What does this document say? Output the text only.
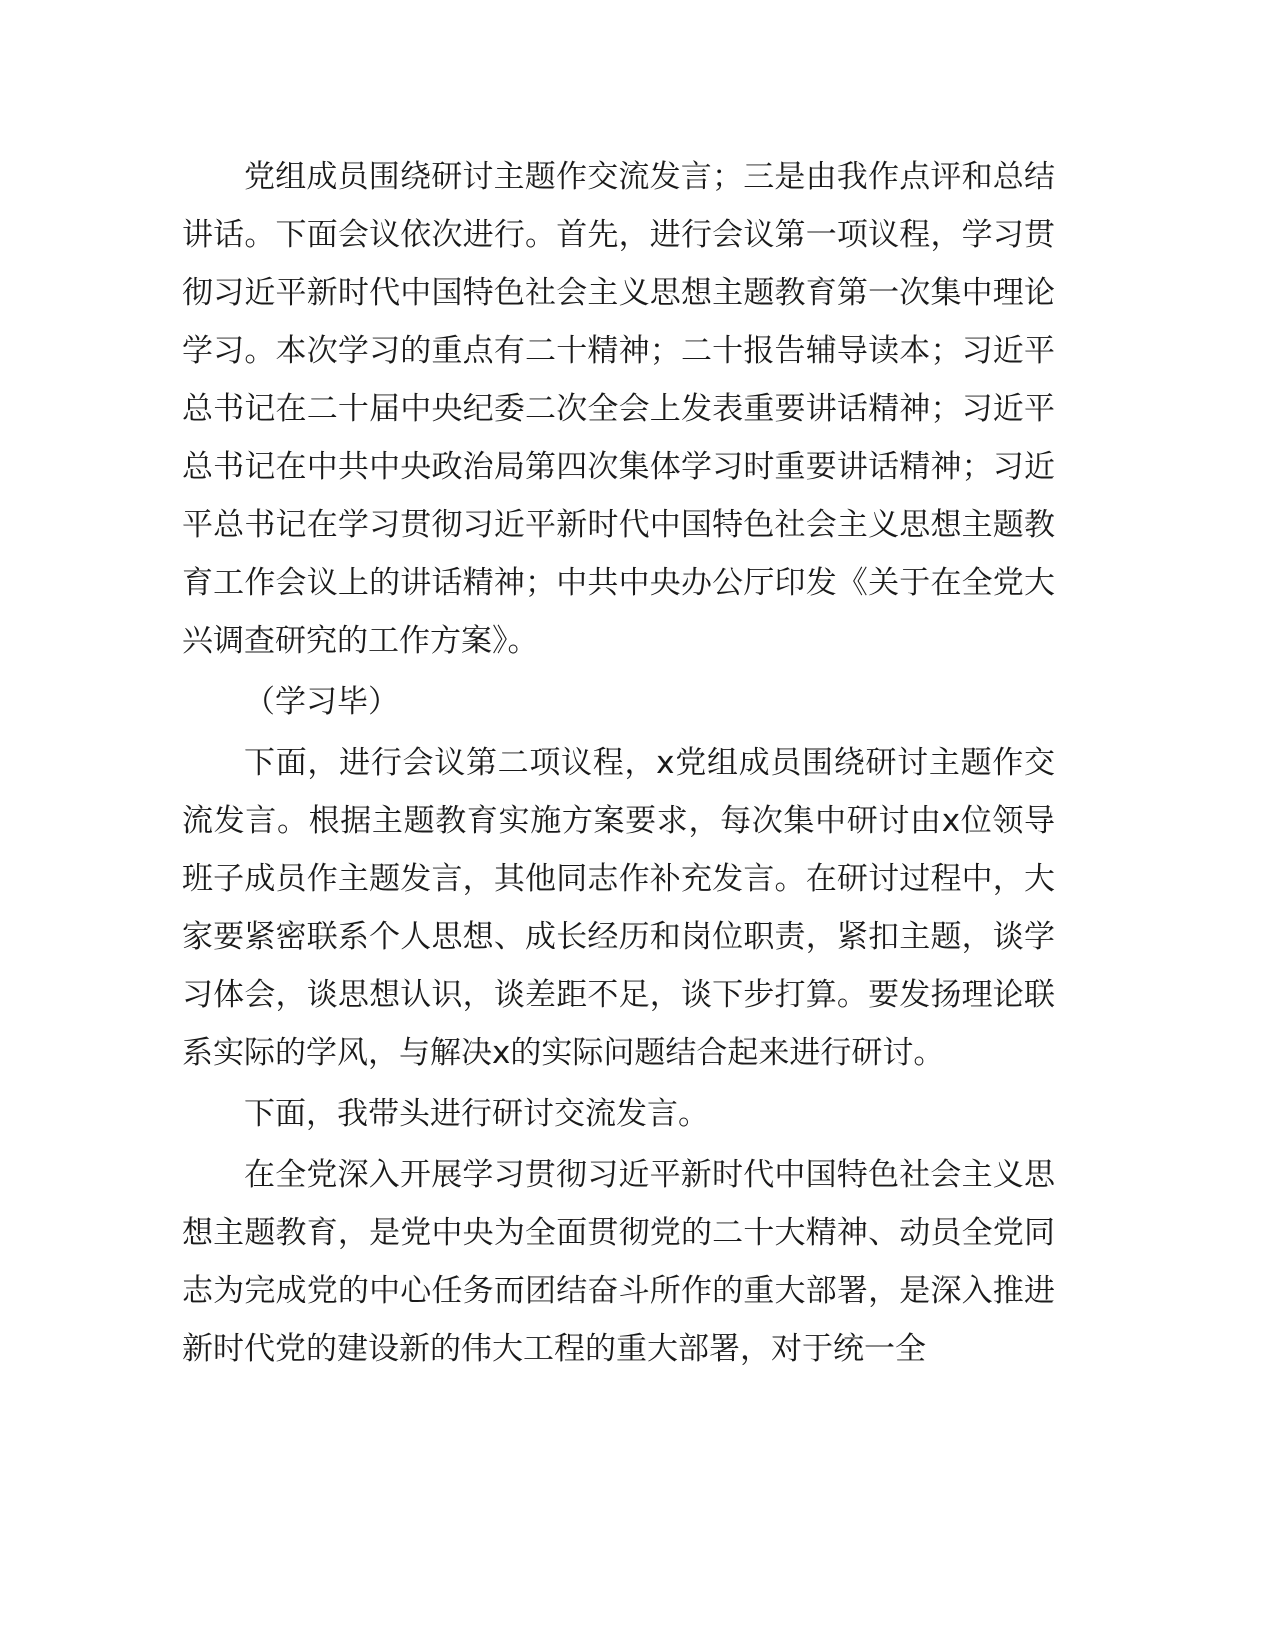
党组成员围绕研讨主题作交流发言；三是由我作点评和总结讲话。下面会议依次进行。首先，进行会议第一项议程，学习贯彻习近平新时代中国特色社会主义思想主题教育第一次集中理论学习。本次学习的重点有二十精神；二十报告辅导读本；习近平总书记在二十届中央纪委二次全会上发表重要讲话精神；习近平总书记在中共中央政治局第四次集体学习时重要讲话精神；习近平总书记在学习贯彻习近平新时代中国特色社会主义思想主题教育工作会议上的讲话精神；中共中央办公厅印发《关于在全党大兴调查研究的工作方案》。

（学习毕）

下面，进行会议第二项议程，x党组成员围绕研讨主题作交流发言。根据主题教育实施方案要求，每次集中研讨由x位领导班子成员作主题发言，其他同志作补充发言。在研讨过程中，大家要紧密联系个人思想、成长经历和岗位职责，紧扣主题，谈学习体会，谈思想认识，谈差距不足，谈下步打算。要发扬理论联系实际的学风，与解决x的实际问题结合起来进行研讨。

下面，我带头进行研讨交流发言。

在全党深入开展学习贯彻习近平新时代中国特色社会主义思想主题教育，是党中央为全面贯彻党的二十大精神、动员全党同志为完成党的中心任务而团结奋斗所作的重大部署，是深入推进新时代党的建设新的伟大工程的重大部署，对于统一全
